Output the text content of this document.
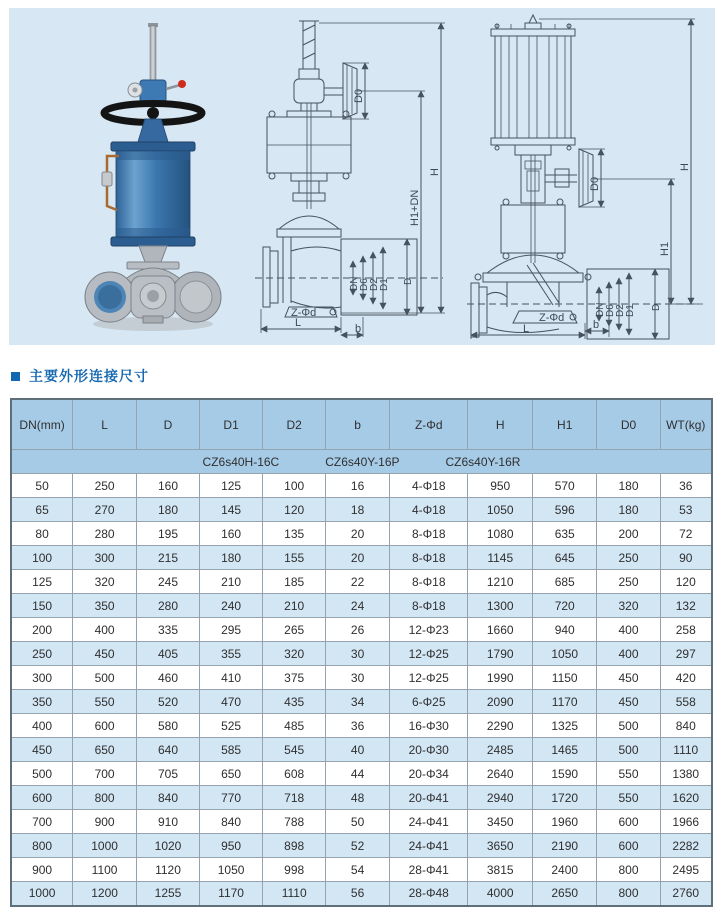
D0
DN D6 D2 D1 D
Z-Φd
L	b
H1+DN
H
D0
DN D6 D2 D1 D
Z-Φd
L	b
H
H1
主要外形连接尺寸
DN(mm)	L	D	D1	D2	b	Z-Φd	H	H1	D0	WT(kg)

CZ6s40H-16C CZ6s40Y-16P CZ6s40Y-16R										

50	250	160	125	100	16	4-Φ18	950	570	180	36
65	270	180	145	120	18	4-Φ18	1050	596	180	53
80	280	195	160	135	20	8-Φ18	1080	635	200	72
100	300	215	180	155	20	8-Φ18	1145	645	250	90
125	320	245	210	185	22	8-Φ18	1210	685	250	120
150	350	280	240	210	24	8-Φ18	1300	720	320	132
200	400	335	295	265	26	12-Φ23	1660	940	400	258
250	450	405	355	320	30	12-Φ25	1790	1050	400	297
300	500	460	410	375	30	12-Φ25	1990	1150	450	420
350	550	520	470	435	34	6-Φ25	2090	1170	450	558
400	600	580	525	485	36	16-Φ30	2290	1325	500	840
450	650	640	585	545	40	20-Φ30	2485	1465	500	1110
500	700	705	650	608	44	20-Φ34	2640	1590	550	1380
600	800	840	770	718	48	20-Φ41	2940	1720	550	1620
700	900	910	840	788	50	24-Φ41	3450	1960	600	1966
800	1000	1020	950	898	52	24-Φ41	3650	2190	600	2282
900	1100	1120	1050	998	54	28-Φ41	3815	2400	800	2495
1000	1200	1255	1170	1110	56	28-Φ48	4000	2650	800	2760
